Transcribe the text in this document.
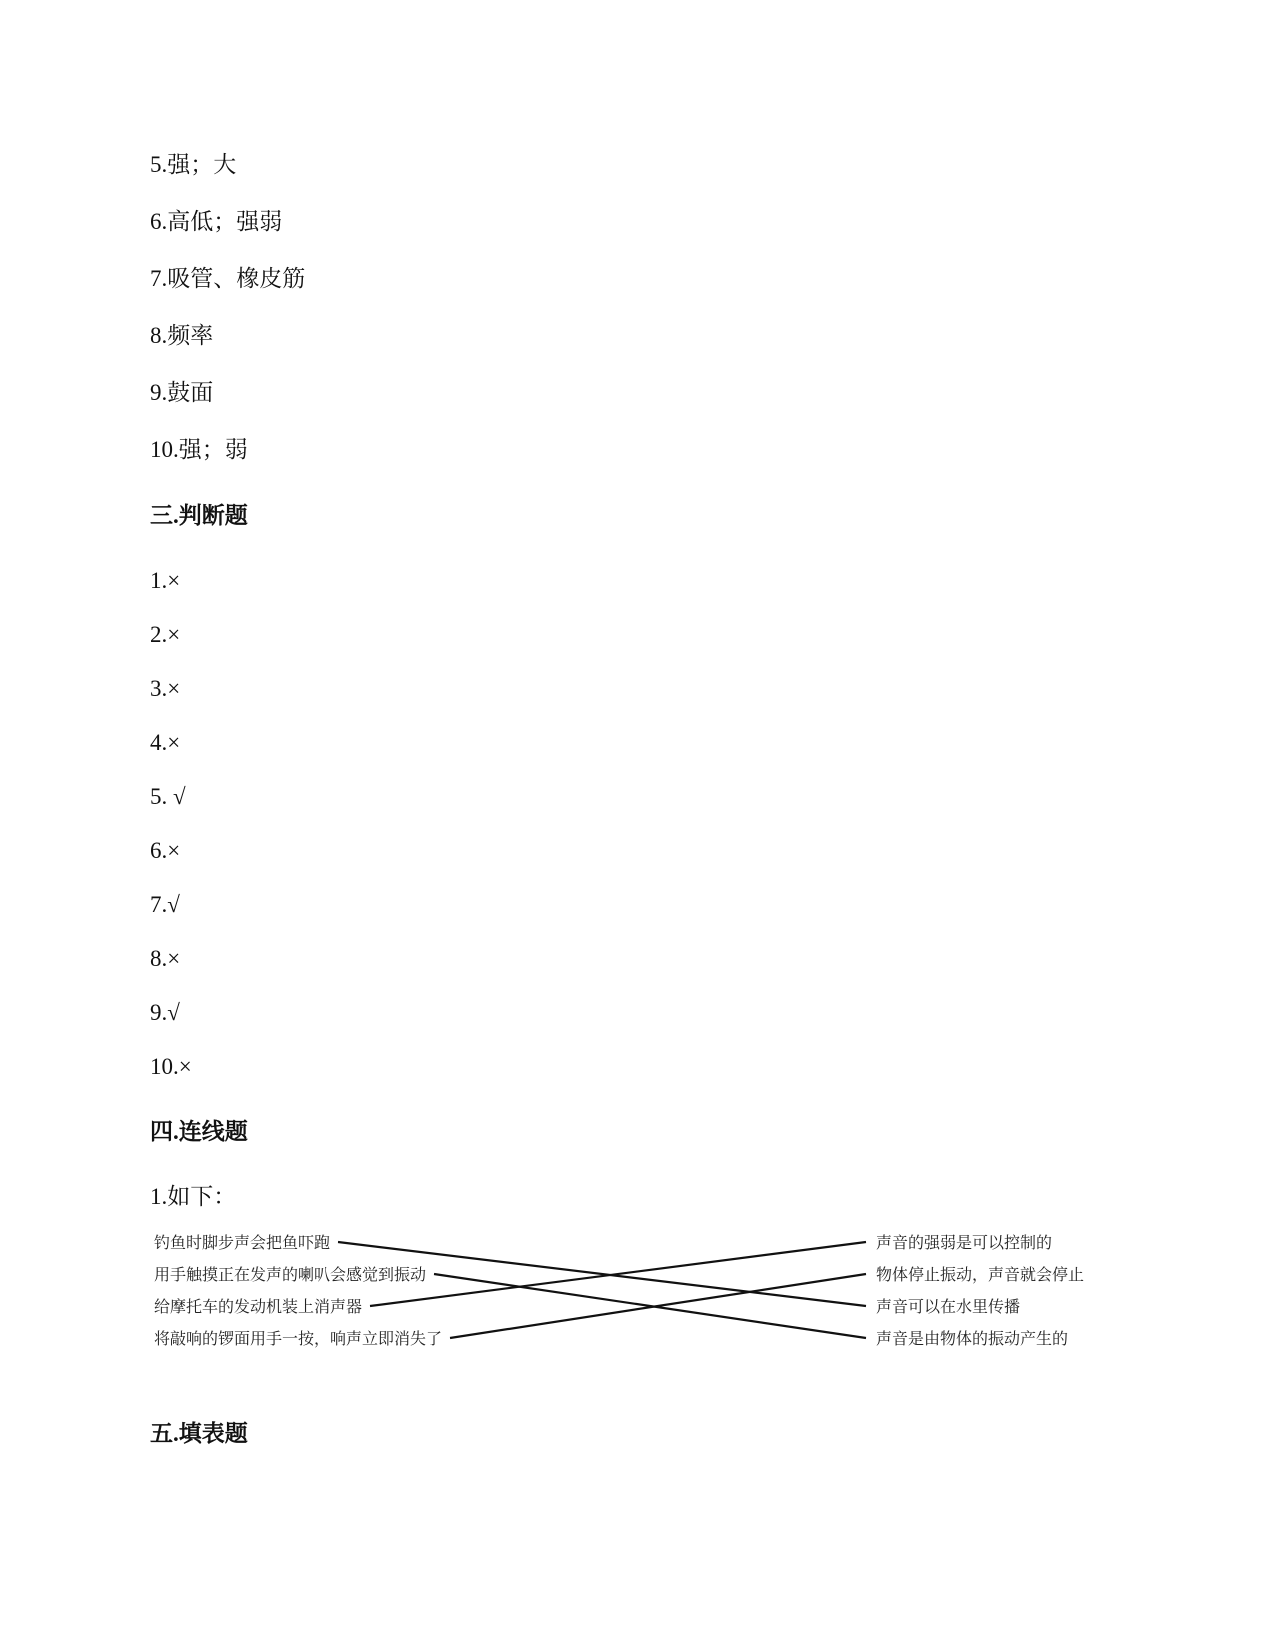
5.强；大
6.高低；强弱
7.吸管、橡皮筋
8.频率
9.鼓面
10.强；弱
三.判断题
1.×
2.×
3.×
4.×
5. √
6.×
7.√
8.×
9.√
10.×
四.连线题
1.如下：
钓鱼时脚步声会把鱼吓跑
用手触摸正在发声的喇叭会感觉到振动
给摩托车的发动机装上消声器
将敲响的锣面用手一按，响声立即消失了
声音的强弱是可以控制的
物体停止振动，声音就会停止
声音可以在水里传播
声音是由物体的振动产生的
五.填表题
